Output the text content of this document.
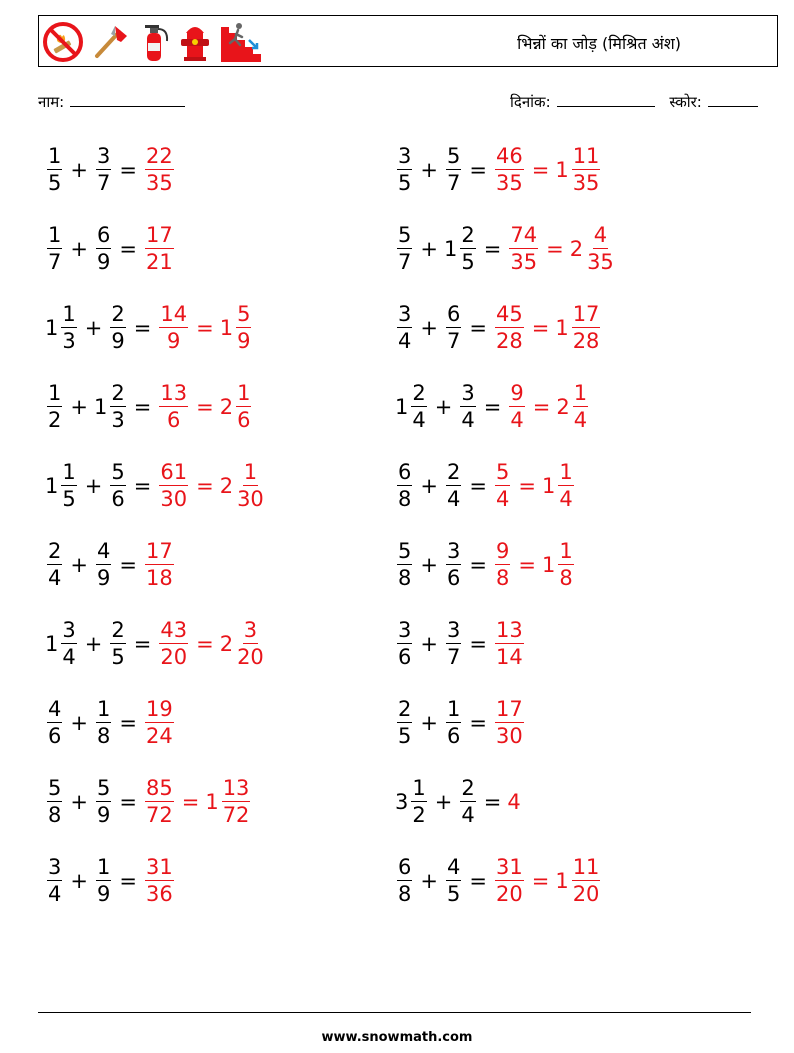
भिन्नों का जोड़ (मिश्रित अंश)
नाम:	दिनांक:	स्कोर:
$\frac{1}{5} + \frac{3}{7} = \frac{22}{35}$	$\frac{3}{5} + \frac{5}{7} = \frac{46}{35} = 1 \frac{11}{35}$
$\frac{1}{7} + \frac{6}{9} = \frac{17}{21}$	$\frac{5}{7} + 1 \frac{2}{5} = \frac{74}{35} = 2 \frac{4}{35}$
$1 \frac{1}{3} + \frac{2}{9} = \frac{14}{9} = 1 \frac{5}{9}$	$\frac{3}{4} + \frac{6}{7} = \frac{45}{28} = 1 \frac{17}{28}$
$\frac{1}{2} + 1 \frac{2}{3} = \frac{13}{6} = 2 \frac{1}{6}$	$1 \frac{2}{4} + \frac{3}{4} = \frac{9}{4} = 2 \frac{1}{4}$
$1 \frac{1}{5} + \frac{5}{6} = \frac{61}{30} = 2 \frac{1}{30}$	$\frac{6}{8} + \frac{2}{4} = \frac{5}{4} = 1 \frac{1}{4}$
$\frac{2}{4} + \frac{4}{9} = \frac{17}{18}$	$\frac{5}{8} + \frac{3}{6} = \frac{9}{8} = 1 \frac{1}{8}$
$1 \frac{3}{4} + \frac{2}{5} = \frac{43}{20} = 2 \frac{3}{20}$	$\frac{3}{6} + \frac{3}{7} = \frac{13}{14}$
$\frac{4}{6} + \frac{1}{8} = \frac{19}{24}$	$\frac{2}{5} + \frac{1}{6} = \frac{17}{30}$
$\frac{5}{8} + \frac{5}{9} = \frac{85}{72} = 1 \frac{13}{72}$	$3 \frac{1}{2} + \frac{2}{4} = 4$
$\frac{3}{4} + \frac{1}{9} = \frac{31}{36}$	$\frac{6}{8} + \frac{4}{5} = \frac{31}{20} = 1 \frac{11}{20}$
www.snowmath.com
